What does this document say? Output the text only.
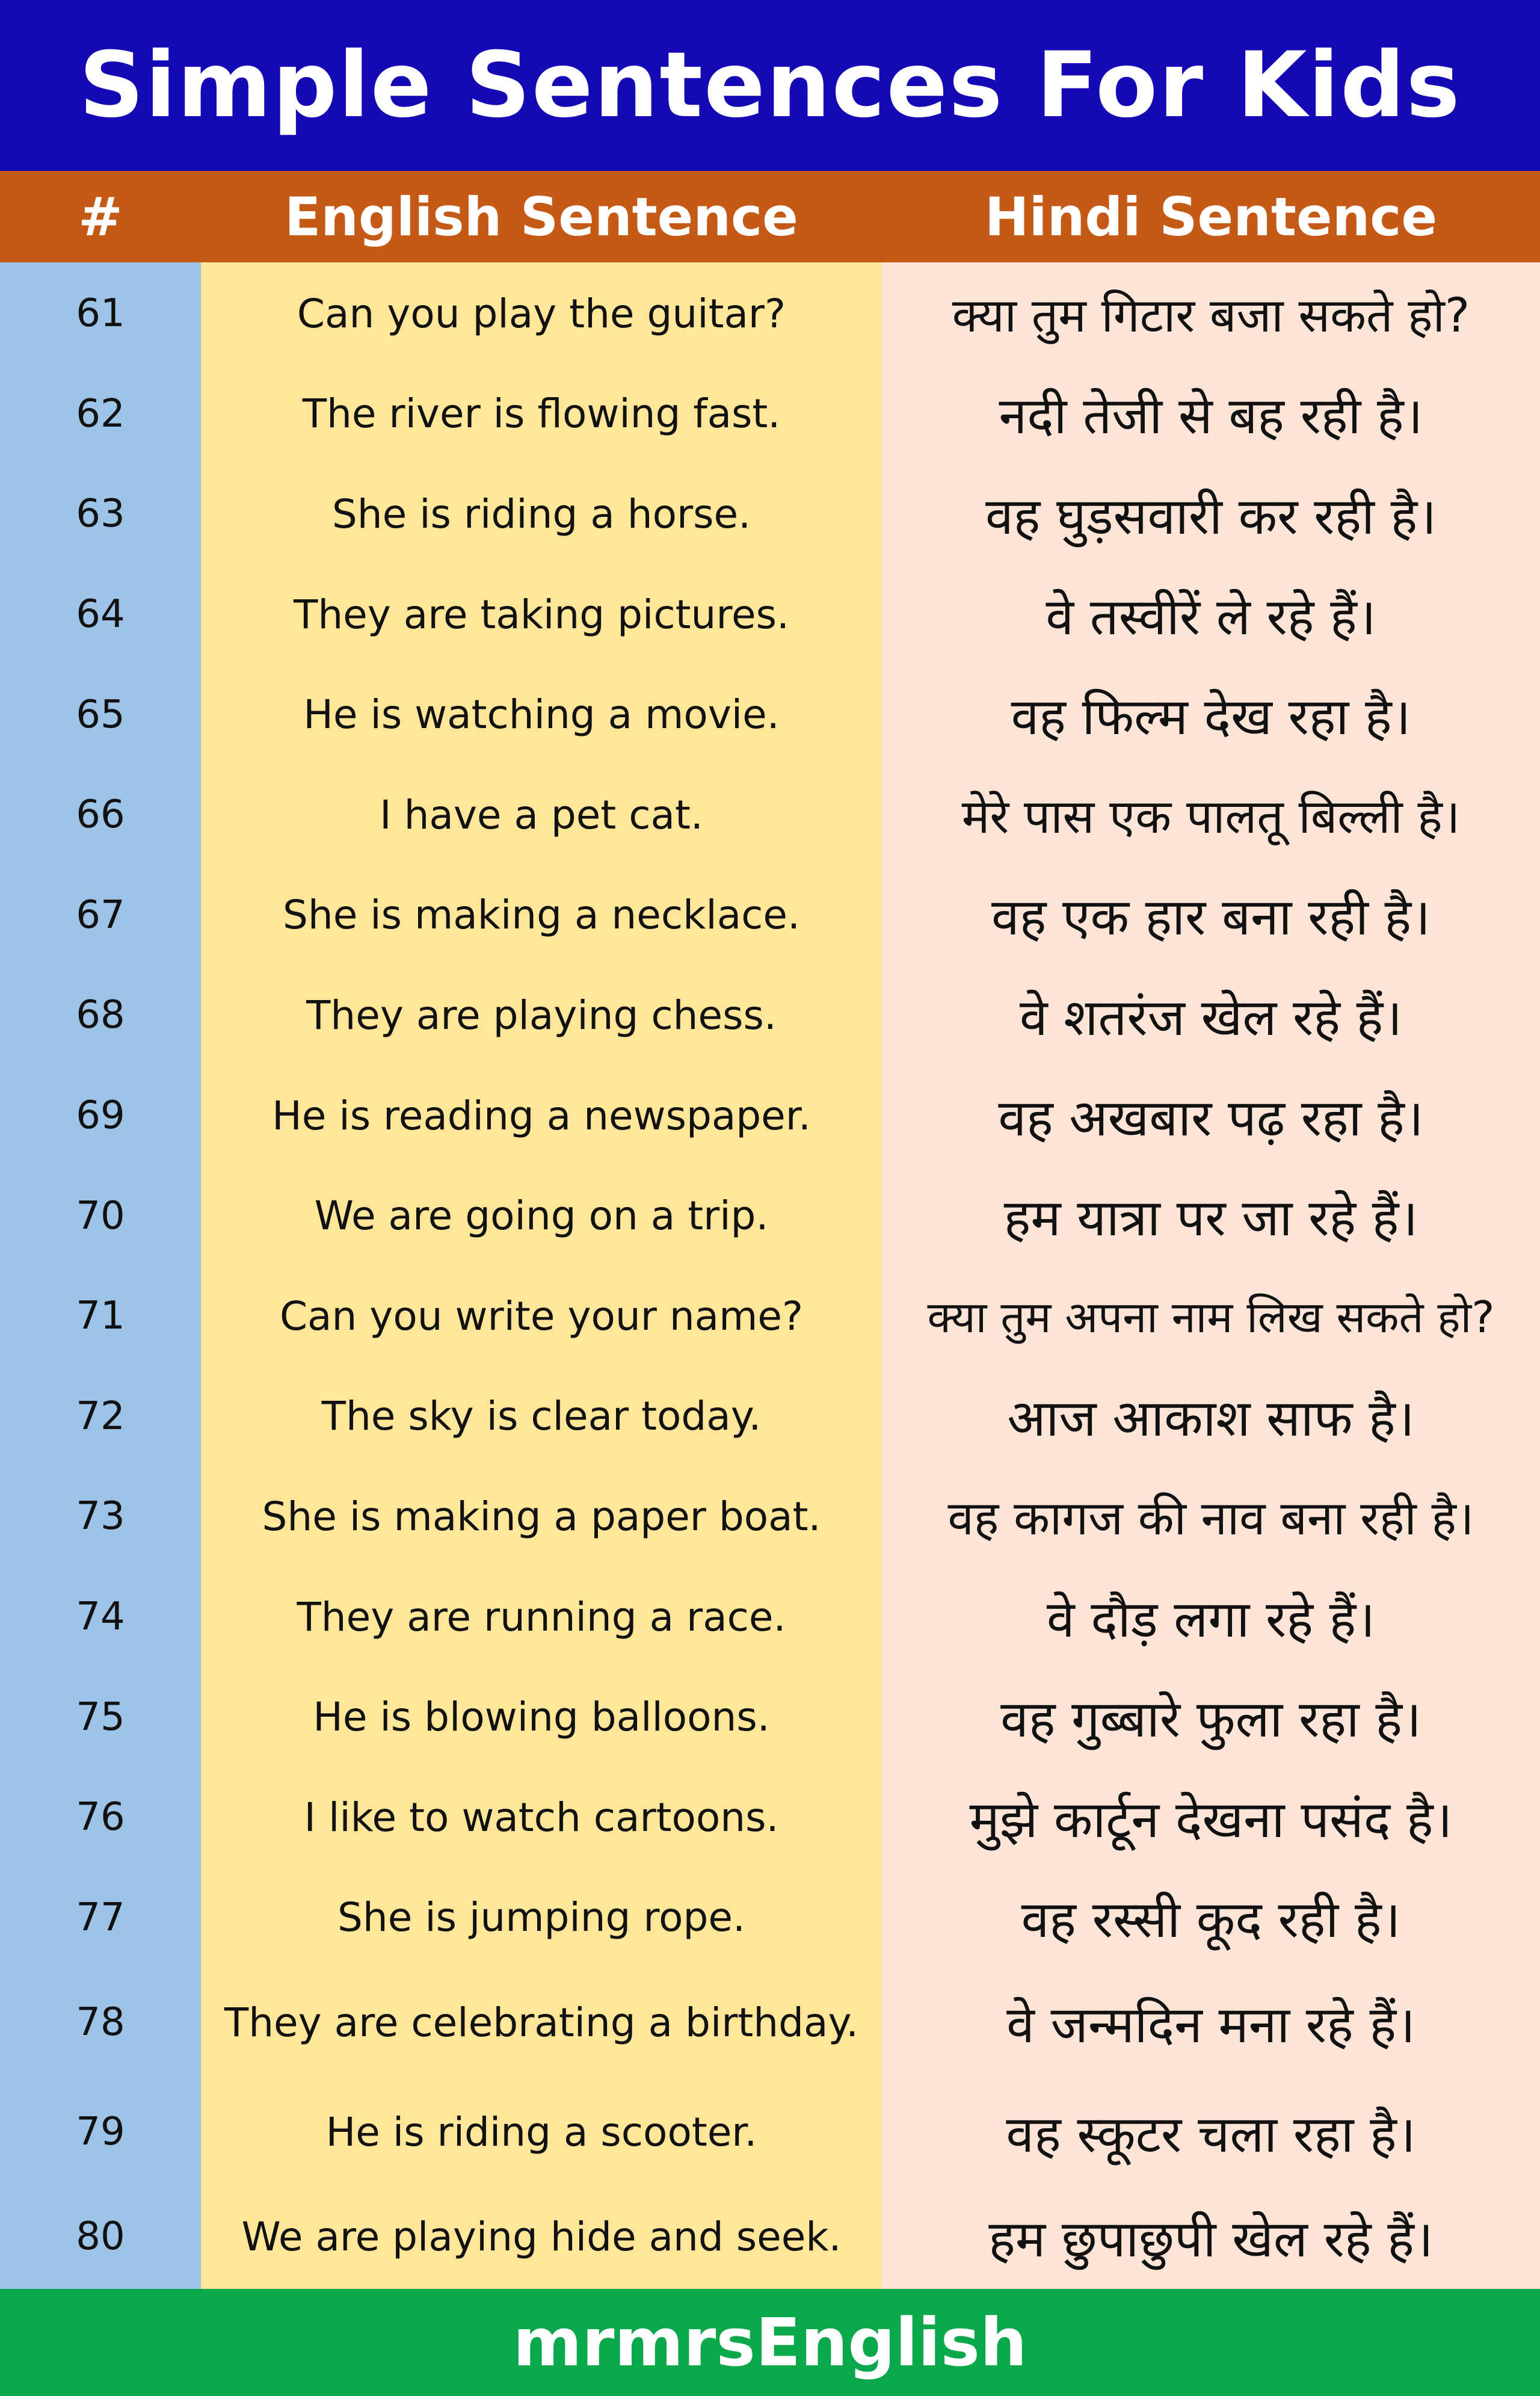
Simple Sentences For Kids
#	English Sentence	Hindi Sentence
61	Can you play the guitar?	क्या तुम गिटार बजा सकते हो?
62	The river is flowing fast.	नदी तेजी से बह रही है।
63	She is riding a horse.	वह घुड़सवारी कर रही है।
64	They are taking pictures.	वे तस्वीरें ले रहे हैं।
65	He is watching a movie.	वह फिल्म देख रहा है।
66	I have a pet cat.	मेरे पास एक पालतू बिल्ली है।
67	She is making a necklace.	वह एक हार बना रही है।
68	They are playing chess.	वे शतरंज खेल रहे हैं।
69	He is reading a newspaper.	वह अखबार पढ़ रहा है।
70	We are going on a trip.	हम यात्रा पर जा रहे हैं।
71	Can you write your name?	क्या तुम अपना नाम लिख सकते हो?
72	The sky is clear today.	आज आकाश साफ है।
73	She is making a paper boat.	वह कागज की नाव बना रही है।
74	They are running a race.	वे दौड़ लगा रहे हैं।
75	He is blowing balloons.	वह गुब्बारे फुला रहा है।
76	I like to watch cartoons.	मुझे कार्टून देखना पसंद है।
77	She is jumping rope.	वह रस्सी कूद रही है।
78	They are celebrating a birthday.	वे जन्मदिन मना रहे हैं।
79	He is riding a scooter.	वह स्कूटर चला रहा है।
80	We are playing hide and seek.	हम छुपाछुपी खेल रहे हैं।
mrmrsEnglish
